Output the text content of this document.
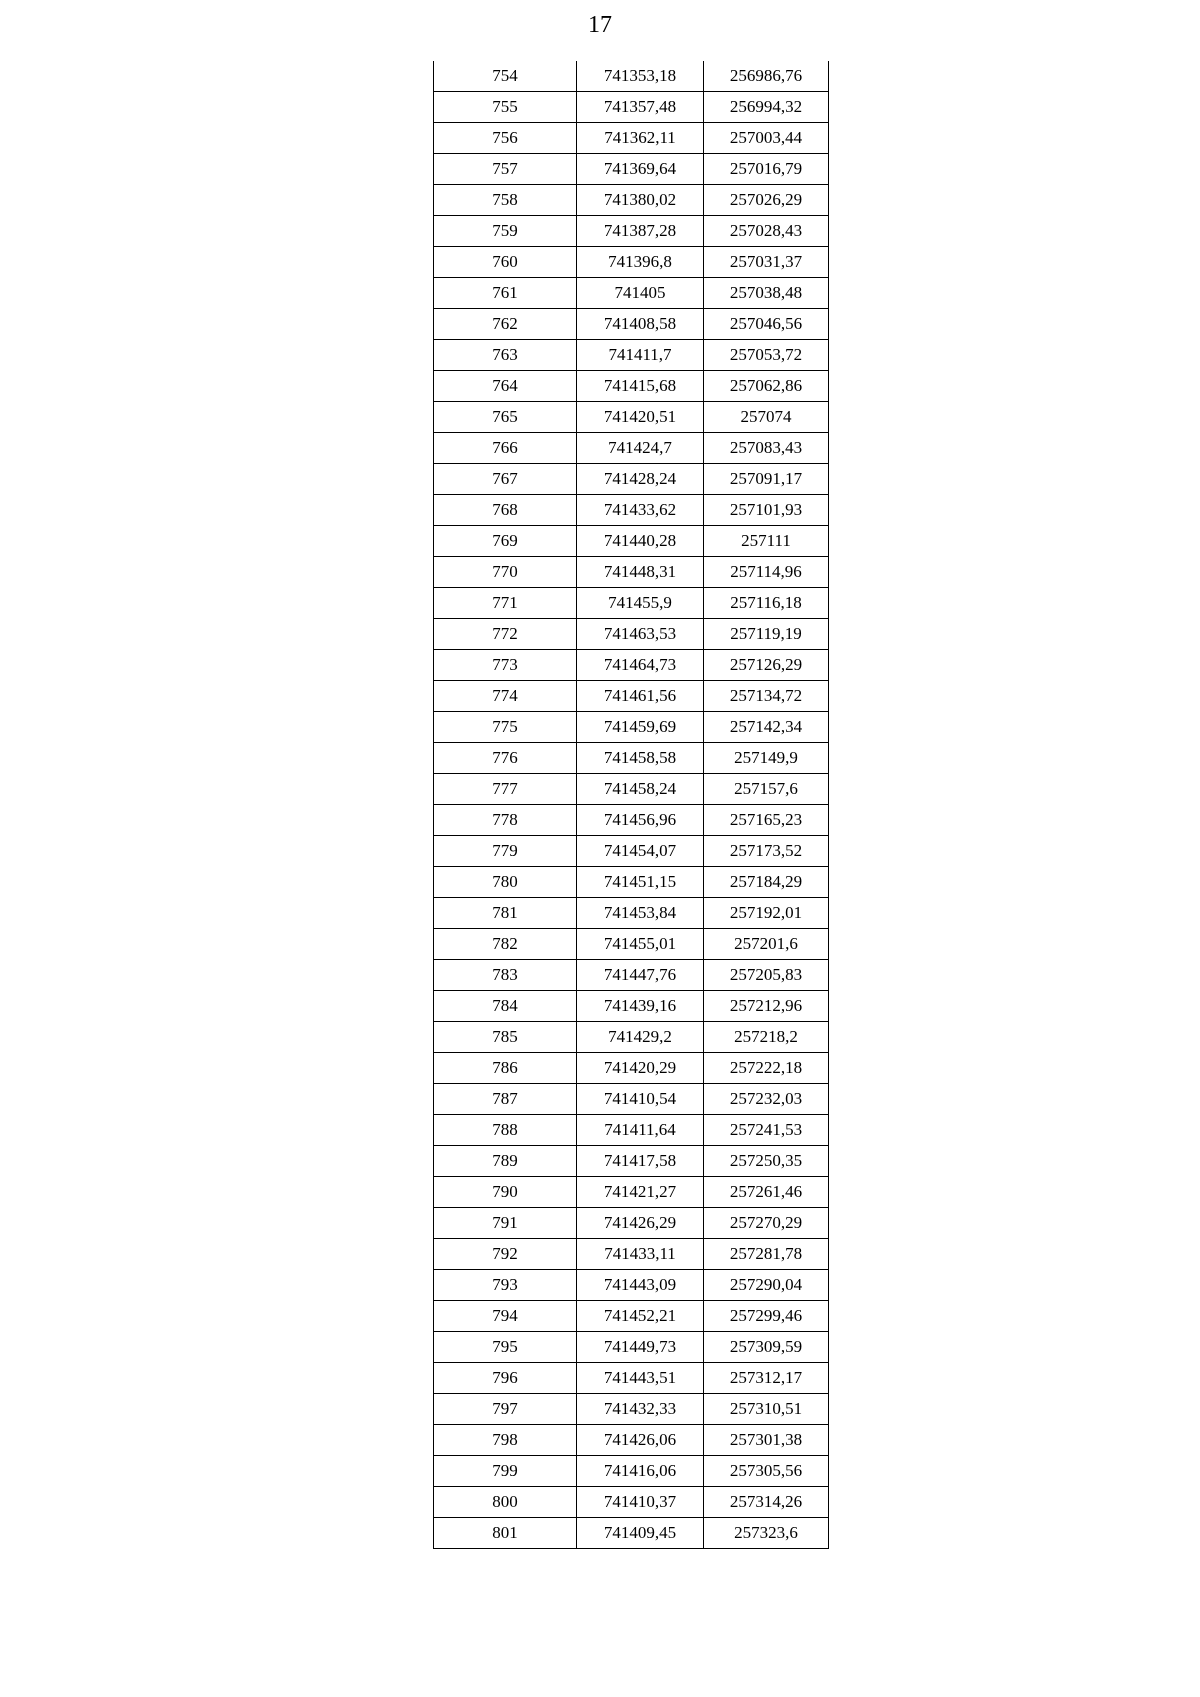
17
754	741353,18	256986,76
755	741357,48	256994,32
756	741362,11	257003,44
757	741369,64	257016,79
758	741380,02	257026,29
759	741387,28	257028,43
760	741396,8	257031,37
761	741405	257038,48
762	741408,58	257046,56
763	741411,7	257053,72
764	741415,68	257062,86
765	741420,51	257074
766	741424,7	257083,43
767	741428,24	257091,17
768	741433,62	257101,93
769	741440,28	257111
770	741448,31	257114,96
771	741455,9	257116,18
772	741463,53	257119,19
773	741464,73	257126,29
774	741461,56	257134,72
775	741459,69	257142,34
776	741458,58	257149,9
777	741458,24	257157,6
778	741456,96	257165,23
779	741454,07	257173,52
780	741451,15	257184,29
781	741453,84	257192,01
782	741455,01	257201,6
783	741447,76	257205,83
784	741439,16	257212,96
785	741429,2	257218,2
786	741420,29	257222,18
787	741410,54	257232,03
788	741411,64	257241,53
789	741417,58	257250,35
790	741421,27	257261,46
791	741426,29	257270,29
792	741433,11	257281,78
793	741443,09	257290,04
794	741452,21	257299,46
795	741449,73	257309,59
796	741443,51	257312,17
797	741432,33	257310,51
798	741426,06	257301,38
799	741416,06	257305,56
800	741410,37	257314,26
801	741409,45	257323,6
